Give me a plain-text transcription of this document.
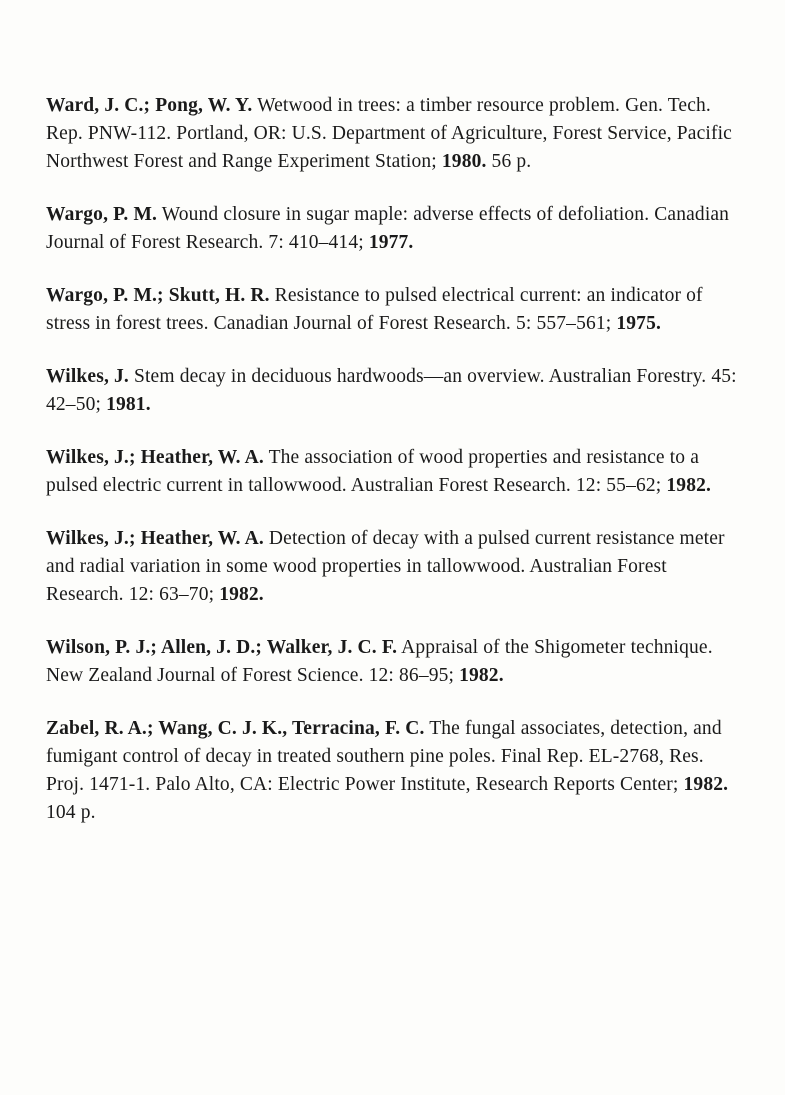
Ward, J. C.; Pong, W. Y. Wetwood in trees: a timber resource problem. Gen. Tech. Rep. PNW-112. Portland, OR: U.S. Department of Agriculture, Forest Service, Pacific Northwest Forest and Range Experiment Station; 1980. 56 p.
Wargo, P. M. Wound closure in sugar maple: adverse effects of defoliation. Canadian Journal of Forest Research. 7: 410–414; 1977.
Wargo, P. M.; Skutt, H. R. Resistance to pulsed electrical current: an indicator of stress in forest trees. Canadian Journal of Forest Research. 5: 557–561; 1975.
Wilkes, J. Stem decay in deciduous hardwoods—an overview. Australian Forestry. 45: 42–50; 1981.
Wilkes, J.; Heather, W. A. The association of wood properties and resistance to a pulsed electric current in tallowwood. Australian Forest Research. 12: 55–62; 1982.
Wilkes, J.; Heather, W. A. Detection of decay with a pulsed current resistance meter and radial variation in some wood properties in tallowwood. Australian Forest Research. 12: 63–70; 1982.
Wilson, P. J.; Allen, J. D.; Walker, J. C. F. Appraisal of the Shigometer technique. New Zealand Journal of Forest Science. 12: 86–95; 1982.
Zabel, R. A.; Wang, C. J. K., Terracina, F. C. The fungal associates, detection, and fumigant control of decay in treated southern pine poles. Final Rep. EL-2768, Res. Proj. 1471-1. Palo Alto, CA: Electric Power Institute, Research Reports Center; 1982. 104 p.
